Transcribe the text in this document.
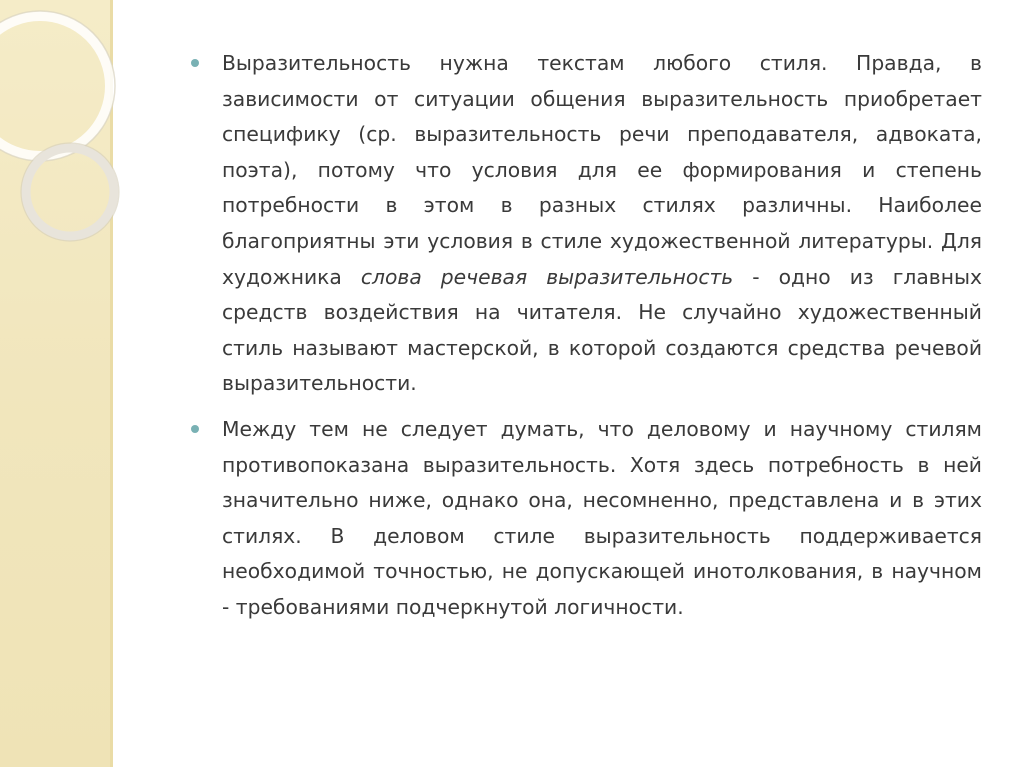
Выразительность нужна текстам любого стиля. Правда, в зависимости от ситуации общения выразительность приобретает специфику (ср. выразительность речи преподавателя, адвоката, поэта), потому что условия для ее формирования и степень потребности в этом в разных стилях различны. Наиболее благоприятны эти условия в стиле художественной литературы. Для художника слова речевая выразительность - одно из главных средств воздействия на читателя. Не случайно художественный стиль называют мастерской, в которой создаются средства речевой выразительности.
Между тем не следует думать, что деловому и научному стилям противопоказана выразительность. Хотя здесь потребность в ней значительно ниже, однако она, несомненно, представлена и в этих стилях. В деловом стиле выразительность поддерживается необходимой точностью, не допускающей инотолкования, в научном - требованиями подчеркнутой логичности.
